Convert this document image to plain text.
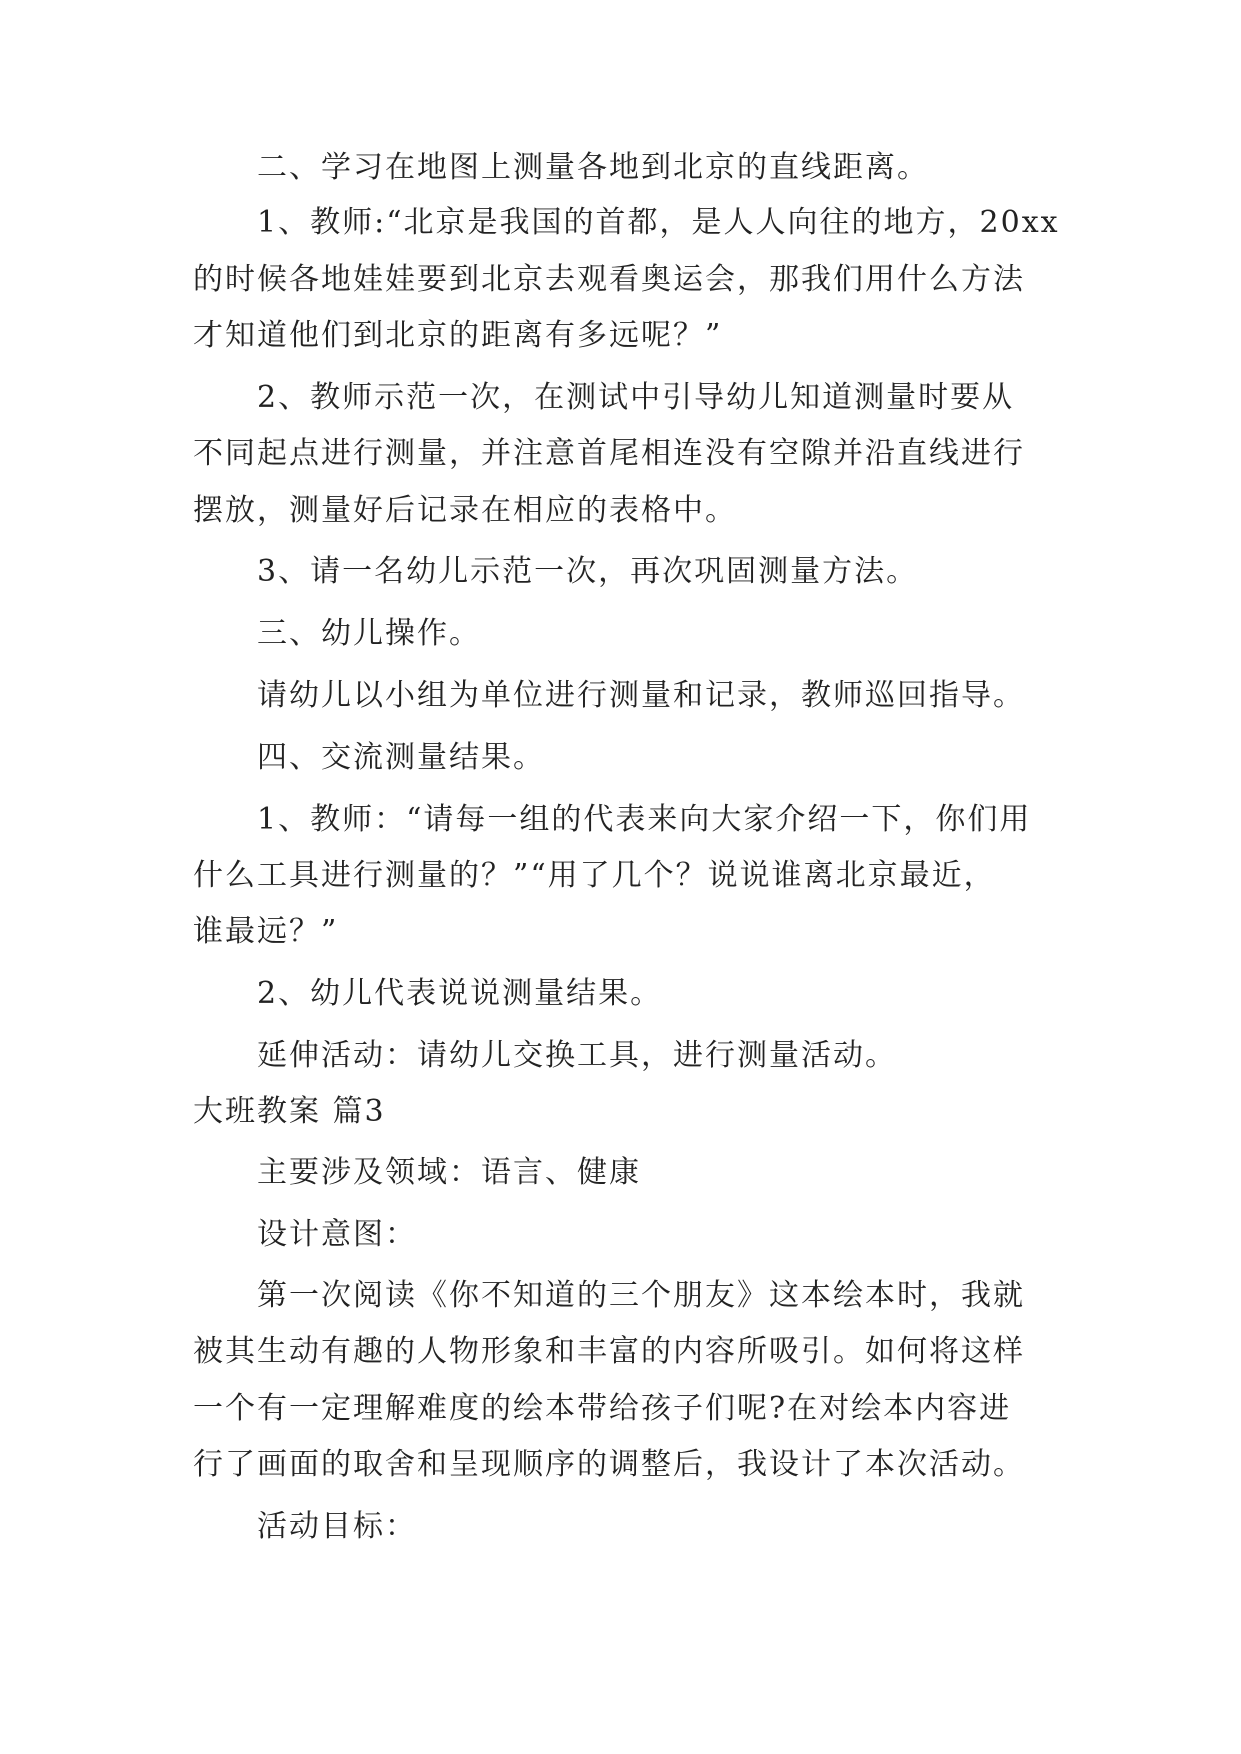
二、学习在地图上测量各地到北京的直线距离。
1、教师:“北京是我国的首都，是人人向往的地方，20xx
的时候各地娃娃要到北京去观看奥运会，那我们用什么方法
才知道他们到北京的距离有多远呢？”
2、教师示范一次，在测试中引导幼儿知道测量时要从
不同起点进行测量，并注意首尾相连没有空隙并沿直线进行
摆放，测量好后记录在相应的表格中。
3、请一名幼儿示范一次，再次巩固测量方法。
三、幼儿操作。
请幼儿以小组为单位进行测量和记录，教师巡回指导。
四、交流测量结果。
1、教师：“请每一组的代表来向大家介绍一下，你们用
什么工具进行测量的？”“用了几个？说说谁离北京最近，
谁最远？”
2、幼儿代表说说测量结果。
延伸活动：请幼儿交换工具，进行测量活动。
大班教案 篇3
主要涉及领域：语言、健康
设计意图：
第一次阅读《你不知道的三个朋友》这本绘本时，我就
被其生动有趣的人物形象和丰富的内容所吸引。如何将这样
一个有一定理解难度的绘本带给孩子们呢?在对绘本内容进
行了画面的取舍和呈现顺序的调整后，我设计了本次活动。
活动目标：
